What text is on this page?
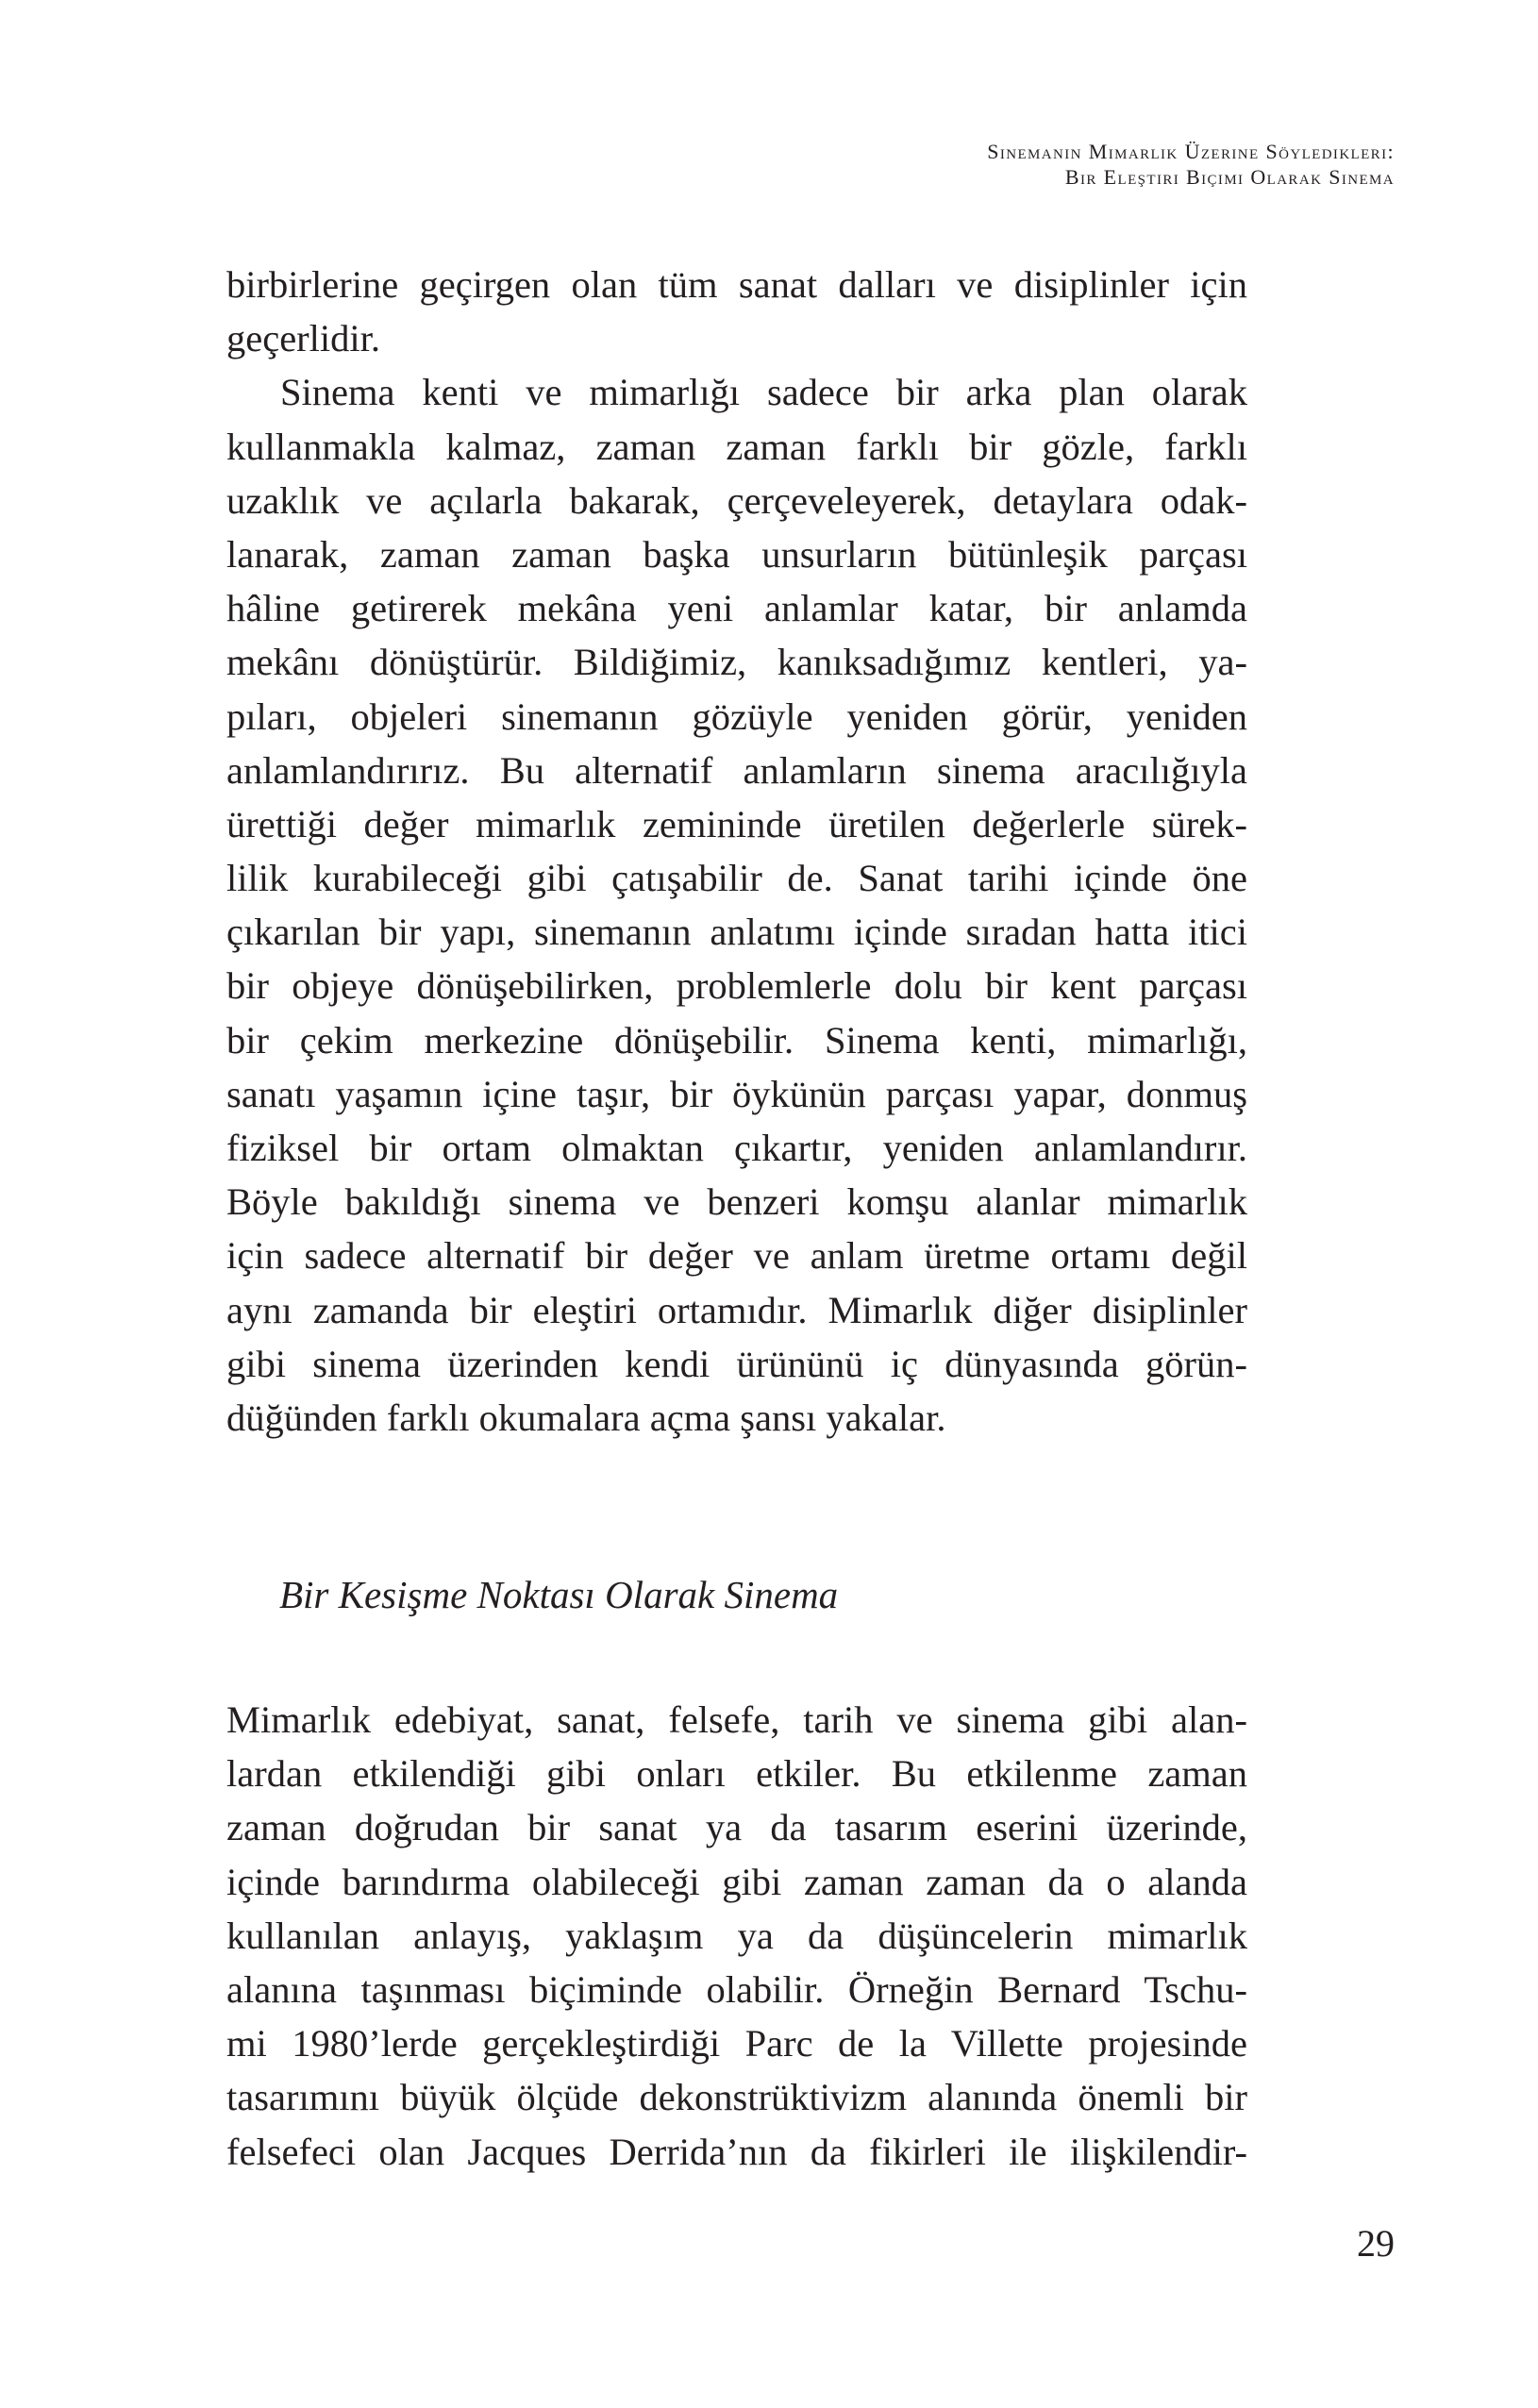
Sinemanın Mimarlık Üzerine Söyledikleri:
Bir Eleştiri Biçimi Olarak Sinema
birbirlerine geçirgen olan tüm sanat dalları ve disiplinler için
geçerlidir.
Sinema kenti ve mimarlığı sadece bir arka plan olarak
kullanmakla kalmaz, zaman zaman farklı bir gözle, farklı
uzaklık ve açılarla bakarak, çerçeveleyerek, detaylara odak-
lanarak, zaman zaman başka unsurların bütünleşik parçası
hâline getirerek mekâna yeni anlamlar katar, bir anlamda
mekânı dönüştürür. Bildiğimiz, kanıksadığımız kentleri, ya-
pıları, objeleri sinemanın gözüyle yeniden görür, yeniden
anlamlandırırız. Bu alternatif anlamların sinema aracılığıyla
ürettiği değer mimarlık zemininde üretilen değerlerle sürek-
lilik kurabileceği gibi çatışabilir de. Sanat tarihi içinde öne
çıkarılan bir yapı, sinemanın anlatımı içinde sıradan hatta itici
bir objeye dönüşebilirken, problemlerle dolu bir kent parçası
bir çekim merkezine dönüşebilir. Sinema kenti, mimarlığı,
sanatı yaşamın içine taşır, bir öykünün parçası yapar, donmuş
fiziksel bir ortam olmaktan çıkartır, yeniden anlamlandırır.
Böyle bakıldığı sinema ve benzeri komşu alanlar mimarlık
için sadece alternatif bir değer ve anlam üretme ortamı değil
aynı zamanda bir eleştiri ortamıdır. Mimarlık diğer disiplinler
gibi sinema üzerinden kendi ürününü iç dünyasında görün-
düğünden farklı okumalara açma şansı yakalar.
Bir Kesişme Noktası Olarak Sinema
Mimarlık edebiyat, sanat, felsefe, tarih ve sinema gibi alan-
lardan etkilendiği gibi onları etkiler. Bu etkilenme zaman
zaman doğrudan bir sanat ya da tasarım eserini üzerinde,
içinde barındırma olabileceği gibi zaman zaman da o alanda
kullanılan anlayış, yaklaşım ya da düşüncelerin mimarlık
alanına taşınması biçiminde olabilir. Örneğin Bernard Tschu-
mi 1980’lerde gerçekleştirdiği Parc de la Villette projesinde
tasarımını büyük ölçüde dekonstrüktivizm alanında önemli bir
felsefeci olan Jacques Derrida’nın da fikirleri ile ilişkilendir-
29
